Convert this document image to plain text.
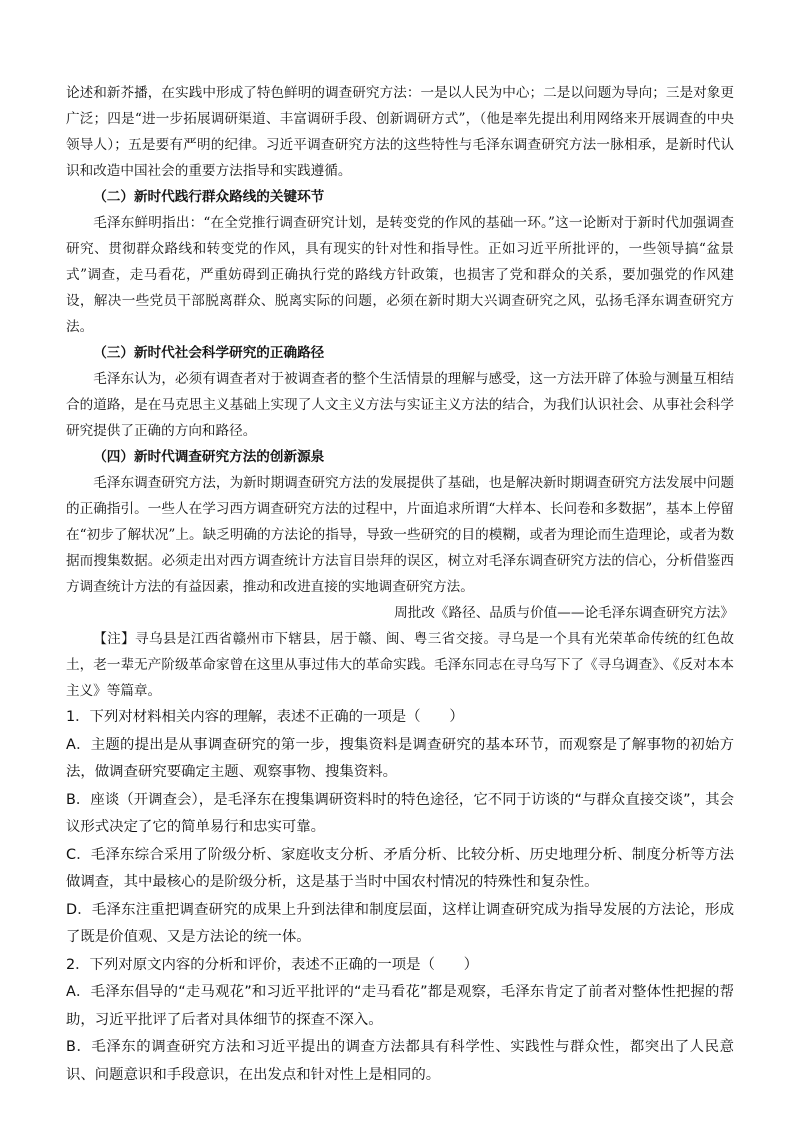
论述和新芥播，在实践中形成了特色鲜明的调查研究方法：一是以人民为中心；二是以问题为导向；三是对象更广泛；四是“进一步拓展调研渠道、丰富调研手段、创新调研方式”，（他是率先提出利用网络来开展调查的中央领导人）；五是要有严明的纪律。习近平调查研究方法的这些特性与毛泽东调查研究方法一脉相承，是新时代认识和改造中国社会的重要方法指导和实践遵循。

（二）新时代践行群众路线的关键环节

毛泽东鲜明指出：“在全党推行调查研究计划，是转变党的作风的基础一环。”这一论断对于新时代加强调查研究、贯彻群众路线和转变党的作风，具有现实的针对性和指导性。正如习近平所批评的，一些领导搞“盆景式”调查，走马看花，严重妨碍到正确执行党的路线方针政策，也损害了党和群众的关系，要加强党的作风建设，解决一些党员干部脱离群众、脱离实际的问题，必须在新时期大兴调查研究之风，弘扬毛泽东调查研究方法。

（三）新时代社会科学研究的正确路径

毛泽东认为，必须有调查者对于被调查者的整个生活情景的理解与感受，这一方法开辟了体验与测量互相结合的道路，是在马克思主义基础上实现了人文主义方法与实证主义方法的结合，为我们认识社会、从事社会科学研究提供了正确的方向和路径。

（四）新时代调查研究方法的创新源泉

毛泽东调查研究方法，为新时期调查研究方法的发展提供了基础，也是解决新时期调查研究方法发展中问题的正确指引。一些人在学习西方调查研究方法的过程中，片面追求所谓“大样本、长问卷和多数据”，基本上停留在“初步了解状况”上。缺乏明确的方法论的指导，导致一些研究的目的模糊，或者为理论而生造理论，或者为数据而搜集数据。必须走出对西方调查统计方法盲目崇拜的误区，树立对毛泽东调查研究方法的信心，分析借鉴西方调查统计方法的有益因素，推动和改进直接的实地调查研究方法。

周批改《路径、品质与价值——论毛泽东调查研究方法》

【注】寻乌县是江西省赣州市下辖县，居于赣、闽、粤三省交接。寻乌是一个具有光荣革命传统的红色故土，老一辈无产阶级革命家曾在这里从事过伟大的革命实践。毛泽东同志在寻乌写下了《寻乌调查》、《反对本本主义》等篇章。

1．下列对材料相关内容的理解，表述不正确的一项是（　　）

A．主题的提出是从事调查研究的第一步，搜集资料是调查研究的基本环节，而观察是了解事物的初始方法，做调查研究要确定主题、观察事物、搜集资料。

B．座谈（开调查会），是毛泽东在搜集调研资料时的特色途径，它不同于访谈的“与群众直接交谈”，其会议形式决定了它的简单易行和忠实可靠。

C．毛泽东综合采用了阶级分析、家庭收支分析、矛盾分析、比较分析、历史地理分析、制度分析等方法做调查，其中最核心的是阶级分析，这是基于当时中国农村情况的特殊性和复杂性。

D．毛泽东注重把调查研究的成果上升到法律和制度层面，这样让调查研究成为指导发展的方法论，形成了既是价值观、又是方法论的统一体。

2．下列对原文内容的分析和评价，表述不正确的一项是（　　）

A．毛泽东倡导的“走马观花”和习近平批评的“走马看花”都是观察，毛泽东肯定了前者对整体性把握的帮助，习近平批评了后者对具体细节的探查不深入。

B．毛泽东的调查研究方法和习近平提出的调查方法都具有科学性、实践性与群众性，都突出了人民意识、问题意识和手段意识，在出发点和针对性上是相同的。
